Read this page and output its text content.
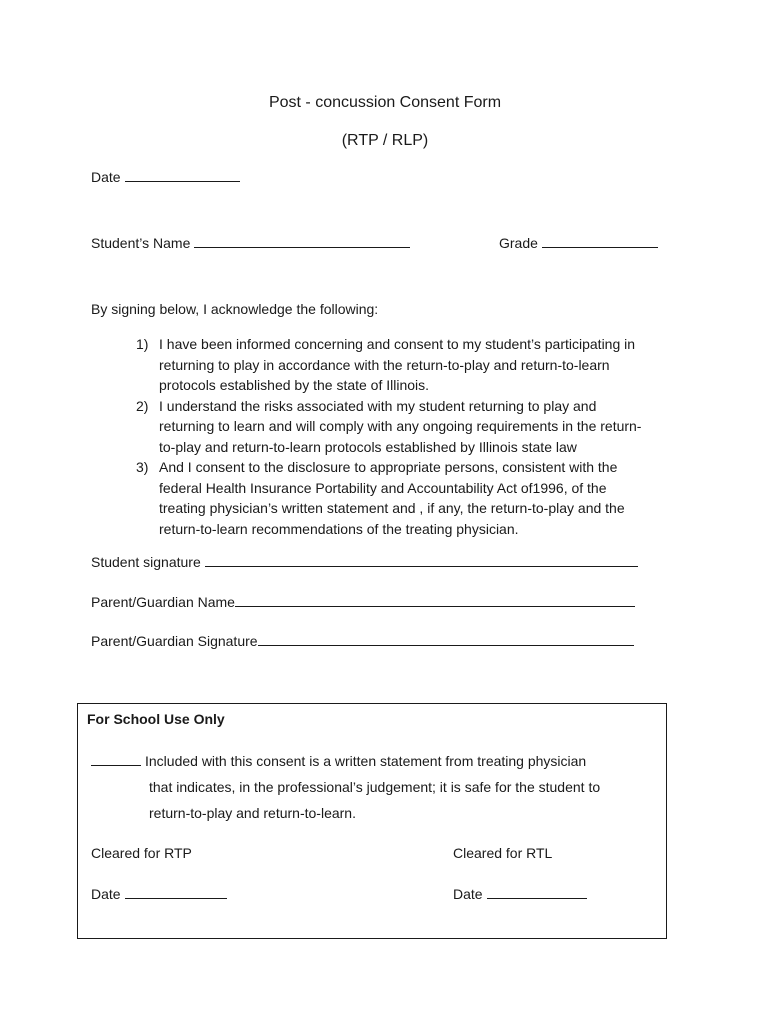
Post - concussion Consent Form
(RTP / RLP)
Date
Student’s Name	Grade
By signing below, I acknowledge the following:
1) I have been informed concerning and consent to my student’s participating in
returning to play in accordance with the return-to-play and return-to-learn
protocols established by the state of Illinois.
2) I understand the risks associated with my student returning to play and
returning to learn and will comply with any ongoing requirements in the return-
to-play and return-to-learn protocols established by Illinois state law
3) And I consent to the disclosure to appropriate persons, consistent with the
federal Health Insurance Portability and Accountability Act of1996, of the
treating physician’s written statement and , if any, the return-to-play and the
return-to-learn recommendations of the treating physician.
Student signature
Parent/Guardian Name
Parent/Guardian Signature
For School Use Only
Included with this consent is a written statement from treating physician
that indicates, in the professional’s judgement; it is safe for the student to
return-to-play and return-to-learn.
Cleared for RTP	Cleared for RTL
Date	Date
